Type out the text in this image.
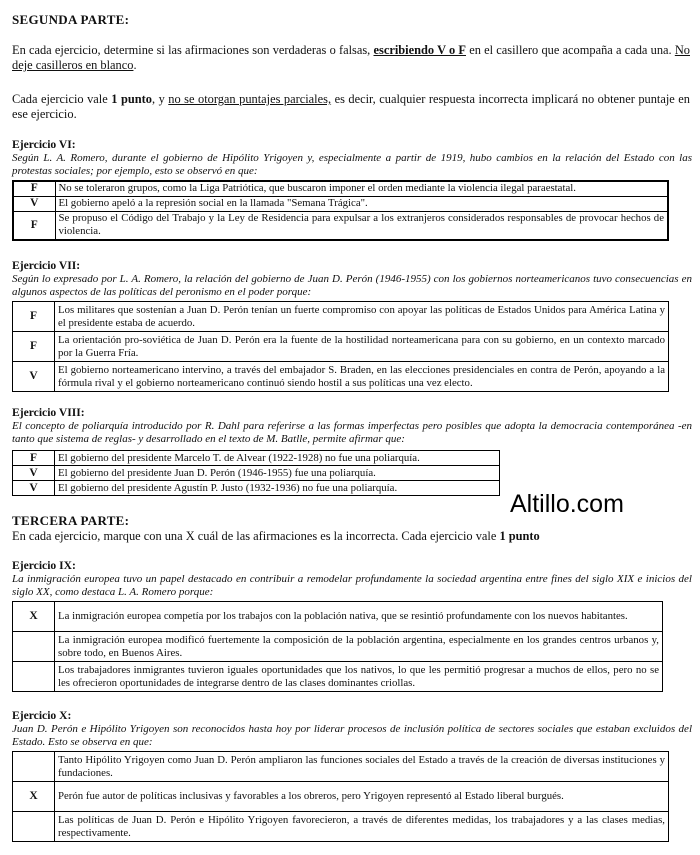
SEGUNDA PARTE:
En cada ejercicio, determine si las afirmaciones son verdaderas o falsas, escribiendo V o F en el casillero que acompaña a cada una. No deje casilleros en blanco.
Cada ejercicio vale 1 punto, y no se otorgan puntajes parciales, es decir, cualquier respuesta incorrecta implicará no obtener puntaje en ese ejercicio.
Ejercicio VI:
Según L. A. Romero, durante el gobierno de Hipólito Yrigoyen y, especialmente a partir de 1919, hubo cambios en la relación del Estado con las protestas sociales; por ejemplo, esto se observó en que:
F	No se toleraron grupos, como la Liga Patriótica, que buscaron imponer el orden mediante la violencia ilegal paraestatal.
V	El gobierno apeló a la represión social en la llamada "Semana Trágica".
F	Se propuso el Código del Trabajo y la Ley de Residencia para expulsar a los extranjeros considerados responsables de provocar hechos de violencia.
Ejercicio VII:
Según lo expresado por L. A. Romero, la relación del gobierno de Juan D. Perón (1946-1955) con los gobiernos norteamericanos tuvo consecuencias en algunos aspectos de las políticas del peronismo en el poder porque:
F	Los militares que sostenían a Juan D. Perón tenían un fuerte compromiso con apoyar las políticas de Estados Unidos para América Latina y el presidente estaba de acuerdo.
F	La orientación pro-soviética de Juan D. Perón era la fuente de la hostilidad norteamericana para con su gobierno, en un contexto marcado por la Guerra Fría.
V	El gobierno norteamericano intervino, a través del embajador S. Braden, en las elecciones presidenciales en contra de Perón, apoyando a la fórmula rival y el gobierno norteamericano continuó siendo hostil a sus políticas una vez electo.
Ejercicio VIII:
El concepto de poliarquía introducido por R. Dahl para referirse a las formas imperfectas pero posibles que adopta la democracia contemporánea -en tanto que sistema de reglas- y desarrollado en el texto de M. Batlle, permite afirmar que:
F	El gobierno del presidente Marcelo T. de Alvear (1922-1928) no fue una poliarquía.
V	El gobierno del presidente Juan D. Perón (1946-1955) fue una poliarquía.
V	El gobierno del presidente Agustín P. Justo (1932-1936) no fue una poliarquía.
Altillo.com
TERCERA PARTE:
En cada ejercicio, marque con una X cuál de las afirmaciones es la incorrecta. Cada ejercicio vale 1 punto
Ejercicio IX:
La inmigración europea tuvo un papel destacado en contribuir a remodelar profundamente la sociedad argentina entre fines del siglo XIX e inicios del siglo XX, como destaca L. A. Romero porque:
X	La inmigración europea competía por los trabajos con la población nativa, que se resintió profundamente con los nuevos habitantes.
	La inmigración europea modificó fuertemente la composición de la población argentina, especialmente en los grandes centros urbanos y, sobre todo, en Buenos Aires.
	Los trabajadores inmigrantes tuvieron iguales oportunidades que los nativos, lo que les permitió progresar a muchos de ellos, pero no se les ofrecieron oportunidades de integrarse dentro de las clases dominantes criollas.
Ejercicio X:
Juan D. Perón e Hipólito Yrigoyen son reconocidos hasta hoy por liderar procesos de inclusión política de sectores sociales que estaban excluidos del Estado. Esto se observa en que:
	Tanto Hipólito Yrigoyen como Juan D. Perón ampliaron las funciones sociales del Estado a través de la creación de diversas instituciones y fundaciones.
X	Perón fue autor de políticas inclusivas y favorables a los obreros, pero Yrigoyen representó al Estado liberal burgués.
	Las políticas de Juan D. Perón e Hipólito Yrigoyen favorecieron, a través de diferentes medidas, los trabajadores y a las clases medias, respectivamente.
